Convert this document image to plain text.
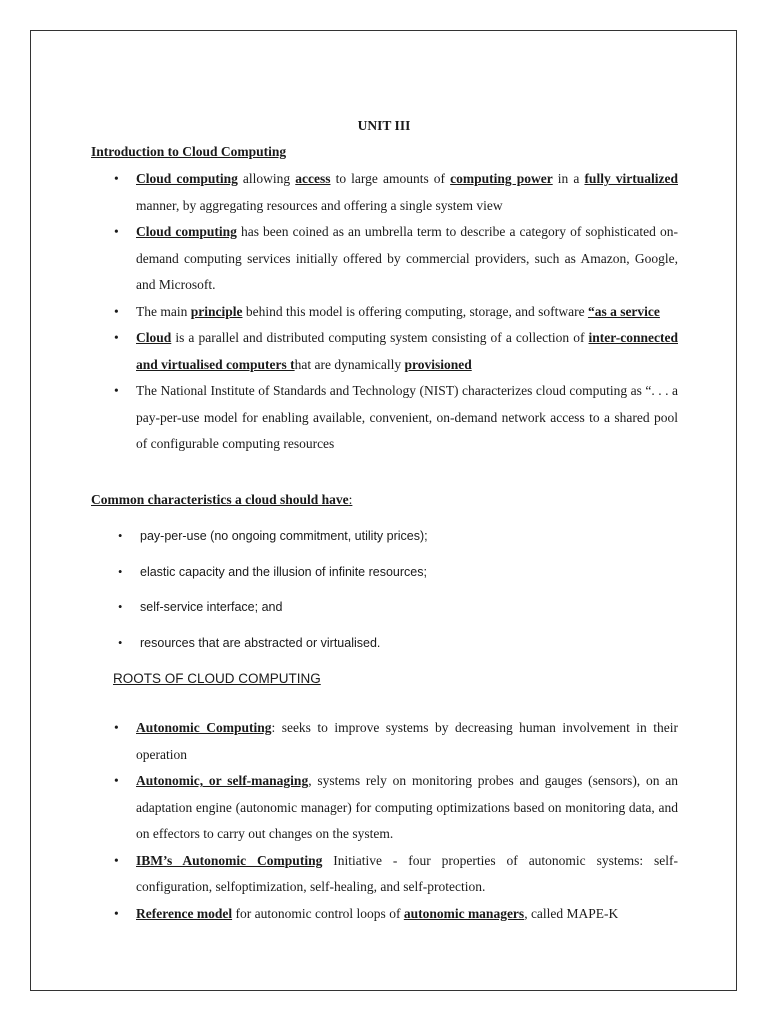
UNIT III
Introduction to Cloud Computing
• Cloud computing allowing access to large amounts of computing power in a fully virtualized manner, by aggregating resources and offering a single system view
• Cloud computing has been coined as an umbrella term to describe a category of sophisticated on-demand computing services initially offered by commercial providers, such as Amazon, Google, and Microsoft.
• The main principle behind this model is offering computing, storage, and software “as a service
• Cloud is a parallel and distributed computing system consisting of a collection of inter-connected and virtualised computers that are dynamically provisioned
• The National Institute of Standards and Technology (NIST) characterizes cloud computing as “. . . a pay-per-use model for enabling available, convenient, on-demand network access to a shared pool of configurable computing resources
Common characteristics a cloud should have:
• pay-per-use (no ongoing commitment, utility prices);
• elastic capacity and the illusion of infinite resources;
• self-service interface; and
• resources that are abstracted or virtualised.
ROOTS OF CLOUD COMPUTING
• Autonomic Computing: seeks to improve systems by decreasing human involvement in their operation
• Autonomic, or self-managing, systems rely on monitoring probes and gauges (sensors), on an adaptation engine (autonomic manager) for computing optimizations based on monitoring data, and on effectors to carry out changes on the system.
• IBM’s Autonomic Computing Initiative - four properties of autonomic systems: self-configuration, selfoptimization, self-healing, and self-protection.
• Reference model for autonomic control loops of autonomic managers, called MAPE-K
